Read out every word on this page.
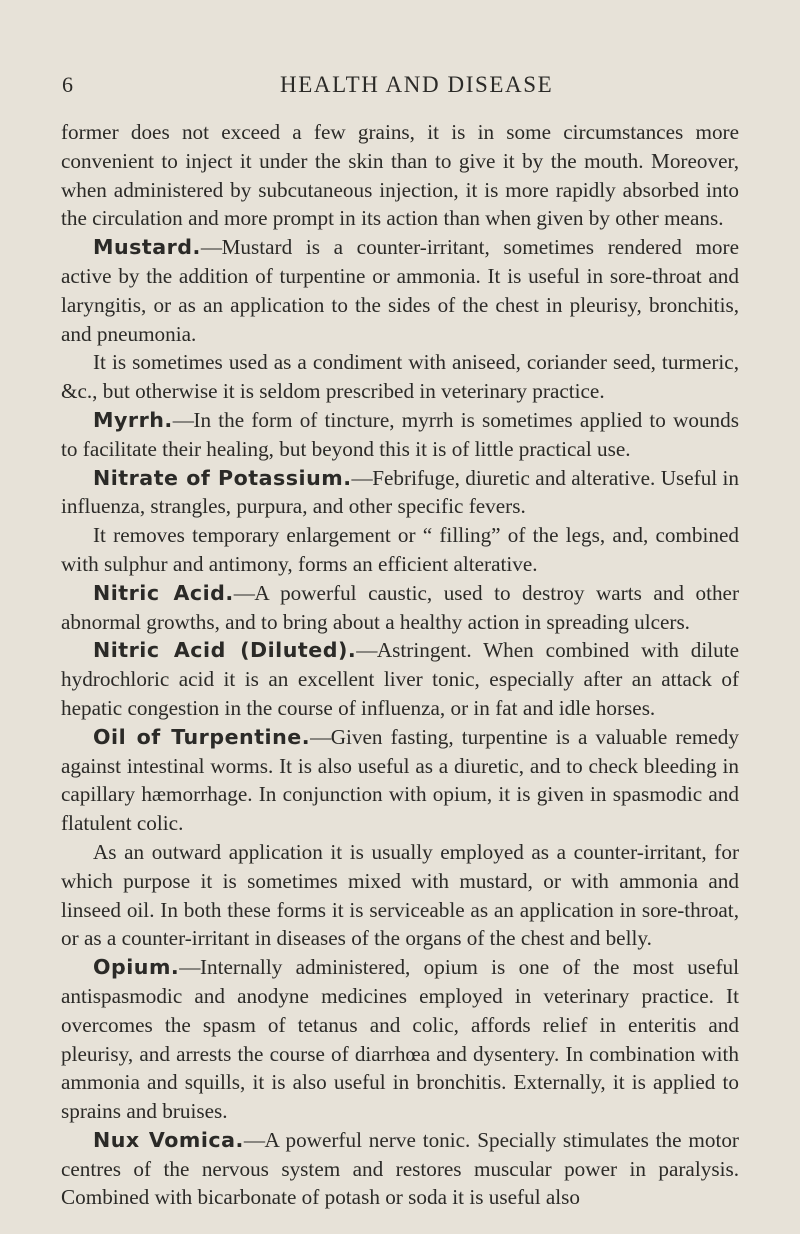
6	HEALTH AND DISEASE

former does not exceed a few grains, it is in some circumstances more convenient to inject it under the skin than to give it by the mouth. Moreover, when administered by subcutaneous injection, it is more rapidly absorbed into the circulation and more prompt in its action than when given by other means.

Mustard.—Mustard is a counter-irritant, sometimes rendered more active by the addition of turpentine or ammonia. It is useful in sore-throat and laryngitis, or as an application to the sides of the chest in pleurisy, bronchitis, and pneumonia.

It is sometimes used as a condiment with aniseed, coriander seed, turmeric, &c., but otherwise it is seldom prescribed in veterinary practice.

Myrrh.—In the form of tincture, myrrh is sometimes applied to wounds to facilitate their healing, but beyond this it is of little practical use.

Nitrate of Potassium.—Febrifuge, diuretic and alterative. Useful in influenza, strangles, purpura, and other specific fevers.

It removes temporary enlargement or “ filling” of the legs, and, combined with sulphur and antimony, forms an efficient alterative.

Nitric Acid.—A powerful caustic, used to destroy warts and other abnormal growths, and to bring about a healthy action in spreading ulcers.

Nitric Acid (Diluted).—Astringent. When combined with dilute hydrochloric acid it is an excellent liver tonic, especially after an attack of hepatic congestion in the course of influenza, or in fat and idle horses.

Oil of Turpentine.—Given fasting, turpentine is a valuable remedy against intestinal worms. It is also useful as a diuretic, and to check bleeding in capillary hæmorrhage. In conjunction with opium, it is given in spasmodic and flatulent colic.

As an outward application it is usually employed as a counter-irritant, for which purpose it is sometimes mixed with mustard, or with ammonia and linseed oil. In both these forms it is serviceable as an application in sore-throat, or as a counter-irritant in diseases of the organs of the chest and belly.

Opium.—Internally administered, opium is one of the most useful antispasmodic and anodyne medicines employed in veterinary practice. It overcomes the spasm of tetanus and colic, affords relief in enteritis and pleurisy, and arrests the course of diarrhœa and dysentery. In combination with ammonia and squills, it is also useful in bronchitis. Externally, it is applied to sprains and bruises.

Nux Vomica.—A powerful nerve tonic. Specially stimulates the motor centres of the nervous system and restores muscular power in paralysis. Combined with bicarbonate of potash or soda it is useful also
